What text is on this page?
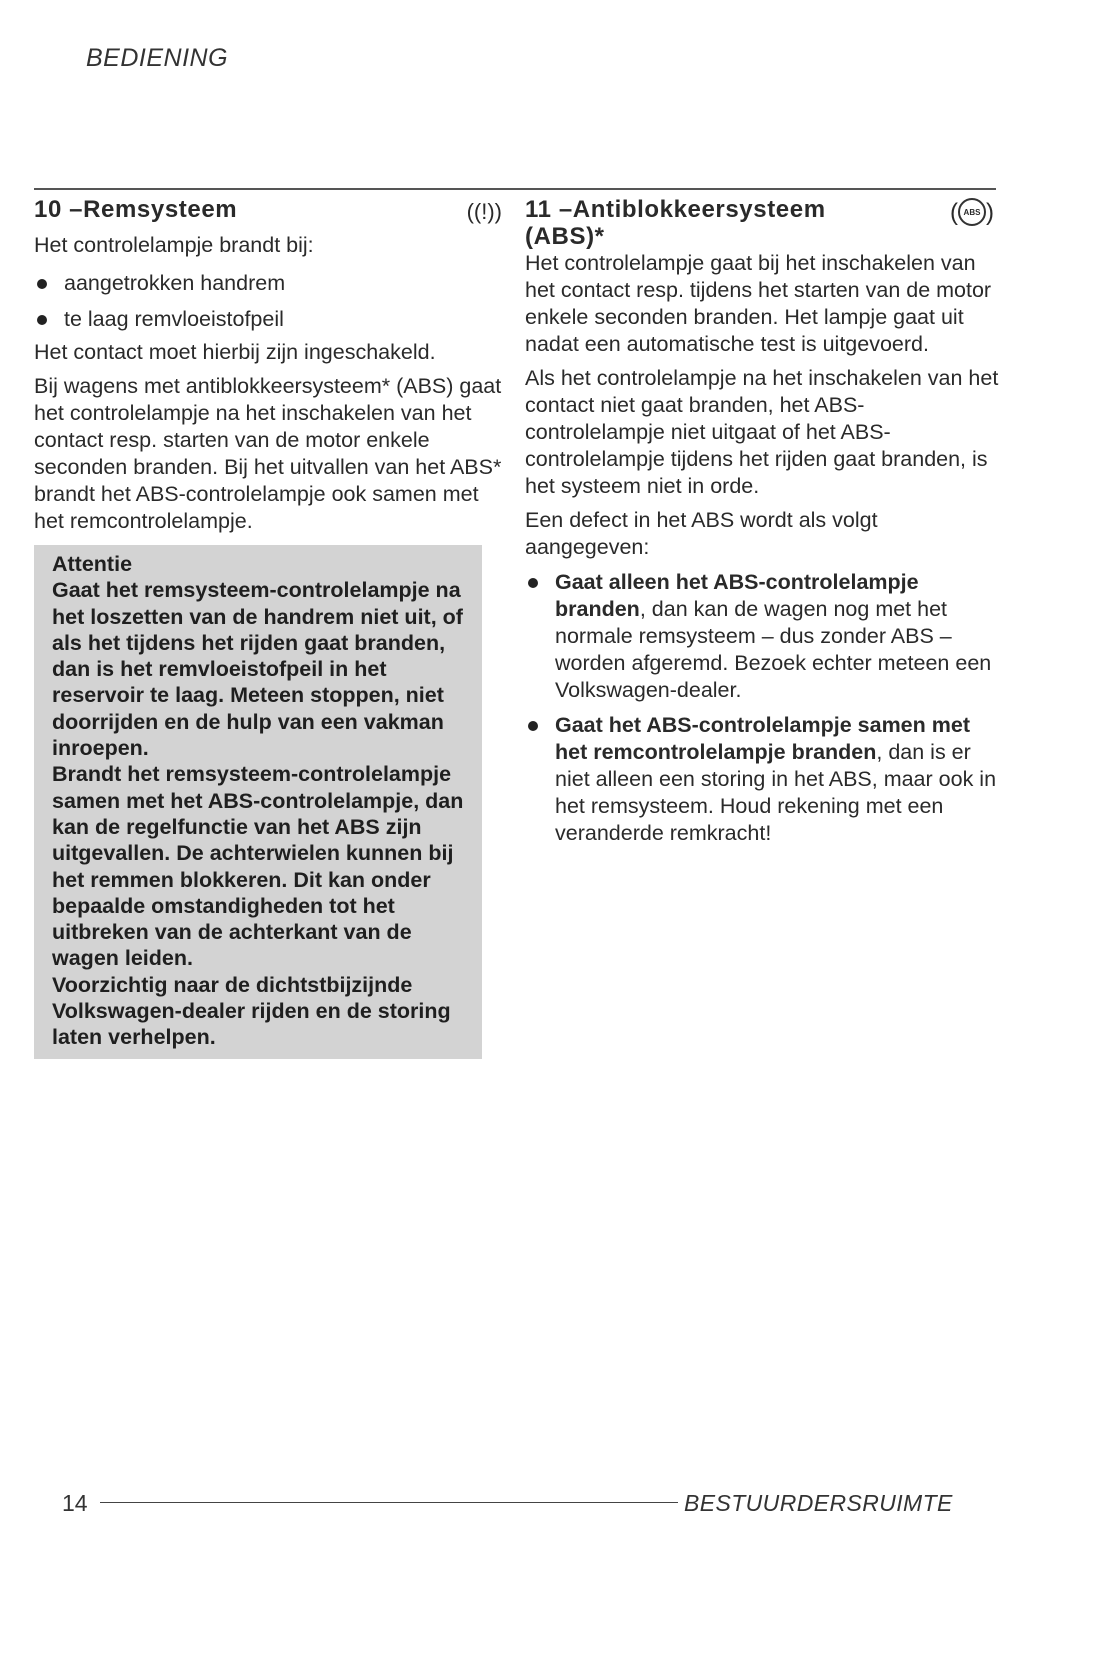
BEDIENING
10 –Remsysteem	((!))

Het controlelampje brandt bij:

aangetrokken handrem
te laag remvloeistofpeil

Het contact moet hierbij zijn ingeschakeld.

Bij wagens met antiblokkeersysteem* (ABS) gaat het controlelampje na het inschakelen van het contact resp. starten van de motor enkele seconden branden. Bij het uitvallen van het ABS* brandt het ABS-controlelampje ook samen met het remcontrolelampje.

Attentie

Gaat het remsysteem-controlelampje na het loszetten van de handrem niet uit, of als het tijdens het rijden gaat branden, dan is het remvloeistofpeil in het reservoir te laag. Meteen stoppen, niet doorrijden en de hulp van een vakman inroepen.

Brandt het remsysteem-controlelampje samen met het ABS-controlelampje, dan kan de regelfunctie van het ABS zijn uitgevallen. De achterwielen kunnen bij het remmen blokkeren. Dit kan onder bepaalde omstandigheden tot het uitbreken van de achterkant van de wagen leiden.

Voorzichtig naar de dichtstbijzijnde Volkswagen-dealer rijden en de storing laten verhelpen.

11 –Antiblokkeersysteem
(ABS)*
( ABS )

Het controlelampje gaat bij het inschakelen van het contact resp. tijdens het starten van de motor enkele seconden branden. Het lampje gaat uit nadat een automatische test is uitgevoerd.

Als het controlelampje na het inschakelen van het contact niet gaat branden, het ABS-controlelampje niet uitgaat of het ABS-controlelampje tijdens het rijden gaat branden, is het systeem niet in orde.

Een defect in het ABS wordt als volgt aangegeven:

Gaat alleen het ABS-controlelampje branden, dan kan de wagen nog met het normale remsysteem – dus zonder ABS – worden afgeremd. Bezoek echter meteen een Volkswagen-dealer.

Gaat het ABS-controlelampje samen met het remcontrolelampje branden, dan is er niet alleen een storing in het ABS, maar ook in het remsysteem. Houd rekening met een veranderde remkracht!

14	BESTUURDERSRUIMTE
